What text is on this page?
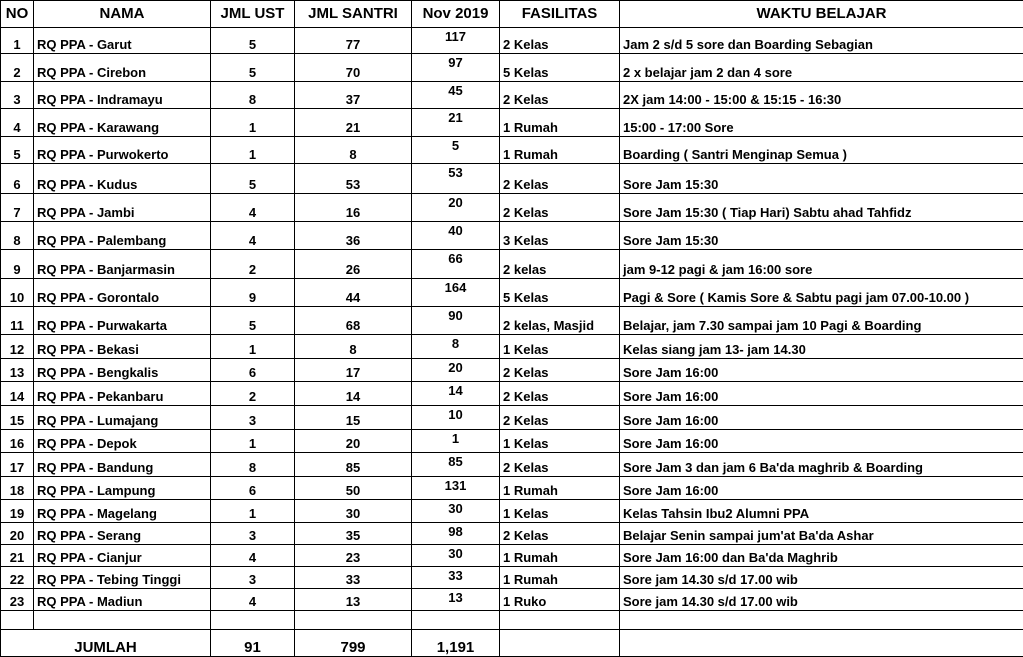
NO	NAMA	JML UST	JML SANTRI	Nov 2019	FASILITAS	WAKTU BELAJAR
1	RQ PPA - Garut	5	77	117	2 Kelas	Jam 2 s/d 5 sore dan Boarding Sebagian
2	RQ PPA - Cirebon	5	70	97	5 Kelas	2 x belajar jam 2 dan 4 sore
3	RQ PPA - Indramayu	8	37	45	2 Kelas	2X jam 14:00 - 15:00 & 15:15 - 16:30
4	RQ PPA - Karawang	1	21	21	1 Rumah	15:00 - 17:00 Sore
5	RQ PPA - Purwokerto	1	8	5	1 Rumah	Boarding ( Santri Menginap Semua )
6	RQ PPA - Kudus	5	53	53	2 Kelas	Sore Jam 15:30
7	RQ PPA - Jambi	4	16	20	2 Kelas	Sore Jam 15:30 ( Tiap Hari) Sabtu ahad Tahfidz
8	RQ PPA - Palembang	4	36	40	3 Kelas	Sore Jam 15:30
9	RQ PPA - Banjarmasin	2	26	66	2 kelas	jam 9-12 pagi & jam 16:00 sore
10	RQ PPA - Gorontalo	9	44	164	5 Kelas	Pagi & Sore ( Kamis Sore & Sabtu pagi jam 07.00-10.00 )
11	RQ PPA - Purwakarta	5	68	90	2 kelas, Masjid	Belajar, jam 7.30 sampai jam 10 Pagi & Boarding
12	RQ PPA - Bekasi	1	8	8	1 Kelas	Kelas siang jam 13- jam 14.30
13	RQ PPA - Bengkalis	6	17	20	2 Kelas	Sore Jam 16:00
14	RQ PPA - Pekanbaru	2	14	14	2 Kelas	Sore Jam 16:00
15	RQ PPA - Lumajang	3	15	10	2 Kelas	Sore Jam 16:00
16	RQ PPA - Depok	1	20	1	1 Kelas	Sore Jam 16:00
17	RQ PPA - Bandung	8	85	85	2 Kelas	Sore Jam 3 dan jam 6 Ba'da maghrib & Boarding
18	RQ PPA - Lampung	6	50	131	1 Rumah	Sore Jam 16:00
19	RQ PPA - Magelang	1	30	30	1 Kelas	Kelas Tahsin Ibu2 Alumni PPA
20	RQ PPA - Serang	3	35	98	2 Kelas	Belajar Senin sampai jum'at Ba'da Ashar
21	RQ PPA - Cianjur	4	23	30	1 Rumah	Sore Jam 16:00 dan Ba'da Maghrib
22	RQ PPA - Tebing Tinggi	3	33	33	1 Rumah	Sore jam 14.30 s/d 17.00 wib
23	RQ PPA - Madiun	4	13	13	1 Ruko	Sore jam 14.30 s/d 17.00 wib

JUMLAH		91	799	1,191		
